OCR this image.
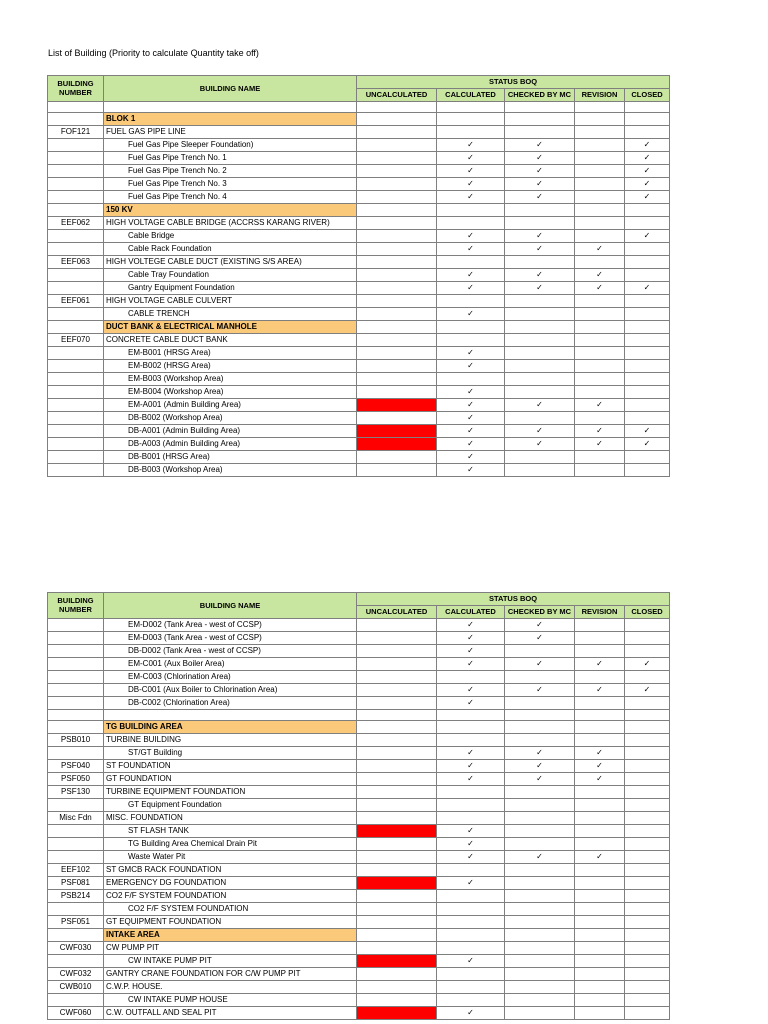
List of Building (Priority to calculate Quantity take off)
BUILDING NUMBER	BUILDING NAME	STATUS BOQ				
		UNCALCULATED	CALCULATED	CHECKED BY MC	REVISION	CLOSED

	BLOK 1					
FOF121	FUEL GAS PIPE LINE					
	Fuel Gas Pipe Sleeper Foundation)		✓	✓		✓
	Fuel Gas Pipe Trench No. 1		✓	✓		✓
	Fuel Gas Pipe Trench No. 2		✓	✓		✓
	Fuel Gas Pipe Trench No. 3		✓	✓		✓
	Fuel Gas Pipe Trench No. 4		✓	✓		✓
	150 KV					
EEF062	HIGH VOLTAGE CABLE BRIDGE (ACCRSS KARANG RIVER)					
	Cable Bridge		✓	✓		✓
	Cable Rack Foundation		✓	✓	✓	
EEF063	HIGH VOLTEGE CABLE DUCT (EXISTING S/S AREA)					
	Cable Tray Foundation		✓	✓	✓	
	Gantry Equipment Foundation		✓	✓	✓	✓
EEF061	HIGH VOLTAGE CABLE CULVERT					
	CABLE TRENCH		✓			
	DUCT BANK & ELECTRICAL MANHOLE					
EEF070	CONCRETE CABLE DUCT BANK					
	EM-B001 (HRSG Area)		✓			
	EM-B002 (HRSG Area)		✓			
	EM-B003 (Workshop Area)					
	EM-B004 (Workshop Area)		✓			
	EM-A001 (Admin Building Area)		✓	✓	✓	
	DB-B002 (Workshop Area)		✓			
	DB-A001 (Admin Building Area)		✓	✓	✓	✓
	DB-A003 (Admin Building Area)		✓	✓	✓	✓
	DB-B001 (HRSG Area)		✓			
	DB-B003 (Workshop Area)		✓			
BUILDING NUMBER	BUILDING NAME	STATUS BOQ				
		UNCALCULATED	CALCULATED	CHECKED BY MC	REVISION	CLOSED
	EM-D002 (Tank Area - west of CCSP)		✓	✓		
	EM-D003 (Tank Area - west of CCSP)		✓	✓		
	DB-D002 (Tank Area - west of CCSP)		✓			
	EM-C001 (Aux Boiler Area)		✓	✓	✓	✓
	EM-C003 (Chlorination Area)					
	DB-C001 (Aux Boiler to Chlorination Area)		✓	✓	✓	✓
	DB-C002 (Chlorination Area)		✓			

	TG BUILDING AREA					
PSB010	TURBINE BUILDING					
	ST/GT Building		✓	✓	✓	
PSF040	ST FOUNDATION		✓	✓	✓	
PSF050	GT FOUNDATION		✓	✓	✓	
PSF130	TURBINE EQUIPMENT FOUNDATION					
	GT Equipment Foundation					
Misc Fdn	MISC. FOUNDATION					
	ST FLASH TANK		✓			
	TG Building Area Chemical Drain Pit		✓			
	Waste Water Pit		✓	✓	✓	
EEF102	ST GMCB RACK FOUNDATION					
PSF081	EMERGENCY DG FOUNDATION		✓			
PSB214	CO2 F/F SYSTEM FOUNDATION					
	CO2 F/F SYSTEM FOUNDATION					
PSF051	GT EQUIPMENT FOUNDATION					
	INTAKE AREA					
CWF030	CW PUMP PIT					
	CW INTAKE PUMP PIT		✓			
CWF032	GANTRY CRANE FOUNDATION FOR C/W PUMP PIT					
CWB010	C.W.P. HOUSE.					
	CW INTAKE PUMP HOUSE					
CWF060	C.W. OUTFALL AND SEAL PIT		✓			
